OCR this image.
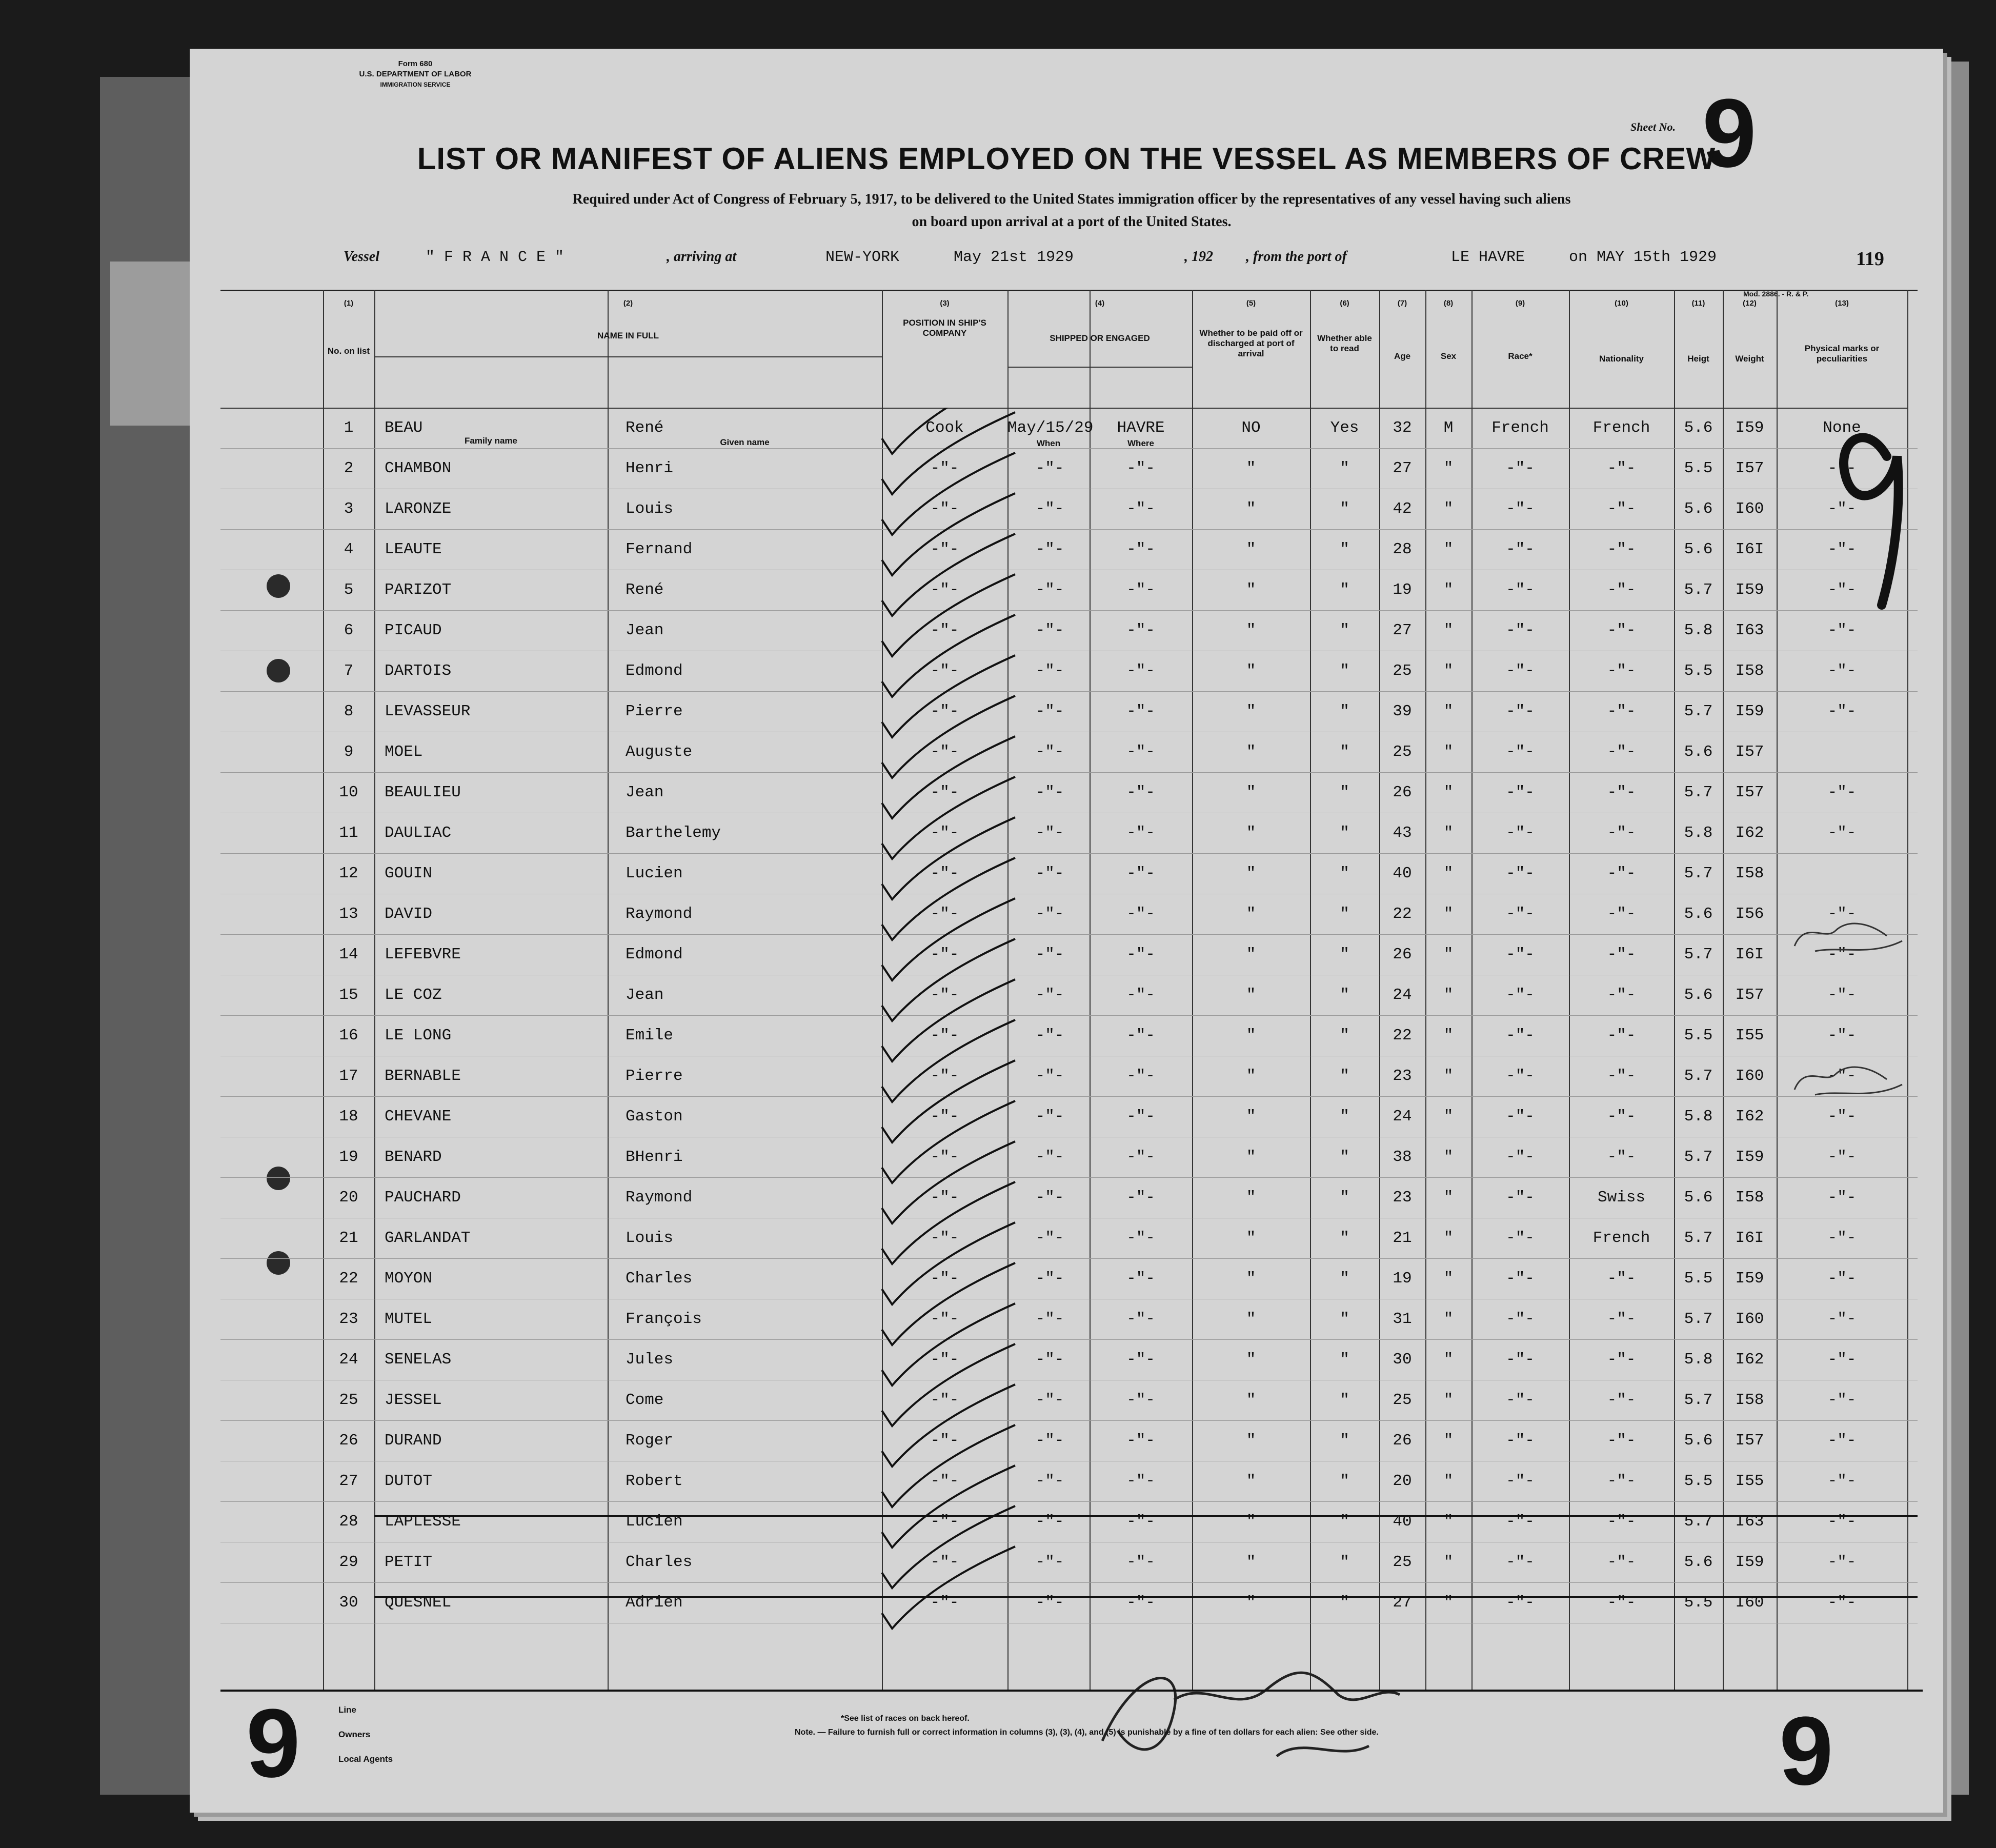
Form 680
U.S. DEPARTMENT OF LABOR
IMMIGRATION SERVICE
Sheet No. 9
LIST OR MANIFEST OF ALIENS EMPLOYED ON THE VESSEL AS MEMBERS OF CREW
Required under Act of Congress of February 5, 1917, to be delivered to the United States immigration officer by the representatives of any vessel having such aliens
on board upon arrival at a port of the United States.
Vessel	" F R A N C E "	, arriving at	NEW-YORK	May 21st 1929	, 192 , from the port of	LE HAVRE	on MAY 15th 1929	119
Mod. 2886. - R. & P.
(1)	(2)	(3)	(4)	(5)	(6)	(7)	(8)	(9)	(10)	(11)	(12)	(13)
No. on list
NAME IN FULL
Family name	Given name
POSITION IN SHIP'S COMPANY
SHIPPED OR ENGAGED
When	Where
Whether to be paid off or discharged at port of arrival
Whether able to read
Age	Sex	Race*	Nationality	Heigt	Weight
Physical marks or peculiarities
1	BEAU	René	Cook	May/15/29	HAVRE	NO	Yes	32	M	French	French	5.6	I59	None
2	CHAMBON	Henri	-"-	-"-	-"-	"	"	27	"	-"-	-"-	5.5	I57	-"-
3	LARONZE	Louis	-"-	-"-	-"-	"	"	42	"	-"-	-"-	5.6	I60	-"-
4	LEAUTE	Fernand	-"-	-"-	-"-	"	"	28	"	-"-	-"-	5.6	I6I	-"-
5	PARIZOT	René	-"-	-"-	-"-	"	"	19	"	-"-	-"-	5.7	I59	-"-
6	PICAUD	Jean	-"-	-"-	-"-	"	"	27	"	-"-	-"-	5.8	I63	-"-
7	DARTOIS	Edmond	-"-	-"-	-"-	"	"	25	"	-"-	-"-	5.5	I58	-"-
8	LEVASSEUR	Pierre	-"-	-"-	-"-	"	"	39	"	-"-	-"-	5.7	I59	-"-
9	MOEL	Auguste	-"-	-"-	-"-	"	"	25	"	-"-	-"-	5.6	I57
10	BEAULIEU	Jean	-"-	-"-	-"-	"	"	26	"	-"-	-"-	5.7	I57	-"-
11	DAULIAC	Barthelemy	-"-	-"-	-"-	"	"	43	"	-"-	-"-	5.8	I62	-"-
12	GOUIN	Lucien	-"-	-"-	-"-	"	"	40	"	-"-	-"-	5.7	I58
13	DAVID	Raymond	-"-	-"-	-"-	"	"	22	"	-"-	-"-	5.6	I56	-"-
14	LEFEBVRE	Edmond	-"-	-"-	-"-	"	"	26	"	-"-	-"-	5.7	I6I	-"-
15	LE COZ	Jean	-"-	-"-	-"-	"	"	24	"	-"-	-"-	5.6	I57	-"-
16	LE LONG	Emile	-"-	-"-	-"-	"	"	22	"	-"-	-"-	5.5	I55	-"-
17	BERNABLE	Pierre	-"-	-"-	-"-	"	"	23	"	-"-	-"-	5.7	I60	-"-
18	CHEVANE	Gaston	-"-	-"-	-"-	"	"	24	"	-"-	-"-	5.8	I62	-"-
19	BENARD	BHenri	-"-	-"-	-"-	"	"	38	"	-"-	-"-	5.7	I59	-"-
20	PAUCHARD	Raymond	-"-	-"-	-"-	"	"	23	"	-"-	Swiss	5.6	I58	-"-
21	GARLANDAT	Louis	-"-	-"-	-"-	"	"	21	"	-"-	French	5.7	I6I	-"-
22	MOYON	Charles	-"-	-"-	-"-	"	"	19	"	-"-	-"-	5.5	I59	-"-
23	MUTEL	François	-"-	-"-	-"-	"	"	31	"	-"-	-"-	5.7	I60	-"-
24	SENELAS	Jules	-"-	-"-	-"-	"	"	30	"	-"-	-"-	5.8	I62	-"-
25	JESSEL	Come	-"-	-"-	-"-	"	"	25	"	-"-	-"-	5.7	I58	-"-
26	DURAND	Roger	-"-	-"-	-"-	"	"	26	"	-"-	-"-	5.6	I57	-"-
27	DUTOT	Robert	-"-	-"-	-"-	"	"	20	"	-"-	-"-	5.5	I55	-"-
28	LAPLESSE	Lucien	-"-	-"-	-"-	"	"	40	"	-"-	-"-	5.7	I63	-"-
29	PETIT	Charles	-"-	-"-	-"-	"	"	25	"	-"-	-"-	5.6	I59	-"-
30	QUESNEL	Adrien	-"-	-"-	-"-	"	"	27	"	-"-	-"-	5.5	I60	-"-
Line
Owners
Local Agents
*See list of races on back hereof.
Note. — Failure to furnish full or correct information in columns (3), (3), (4), and (5) is punishable by a fine of ten dollars for each alien: See other side.
9	9
